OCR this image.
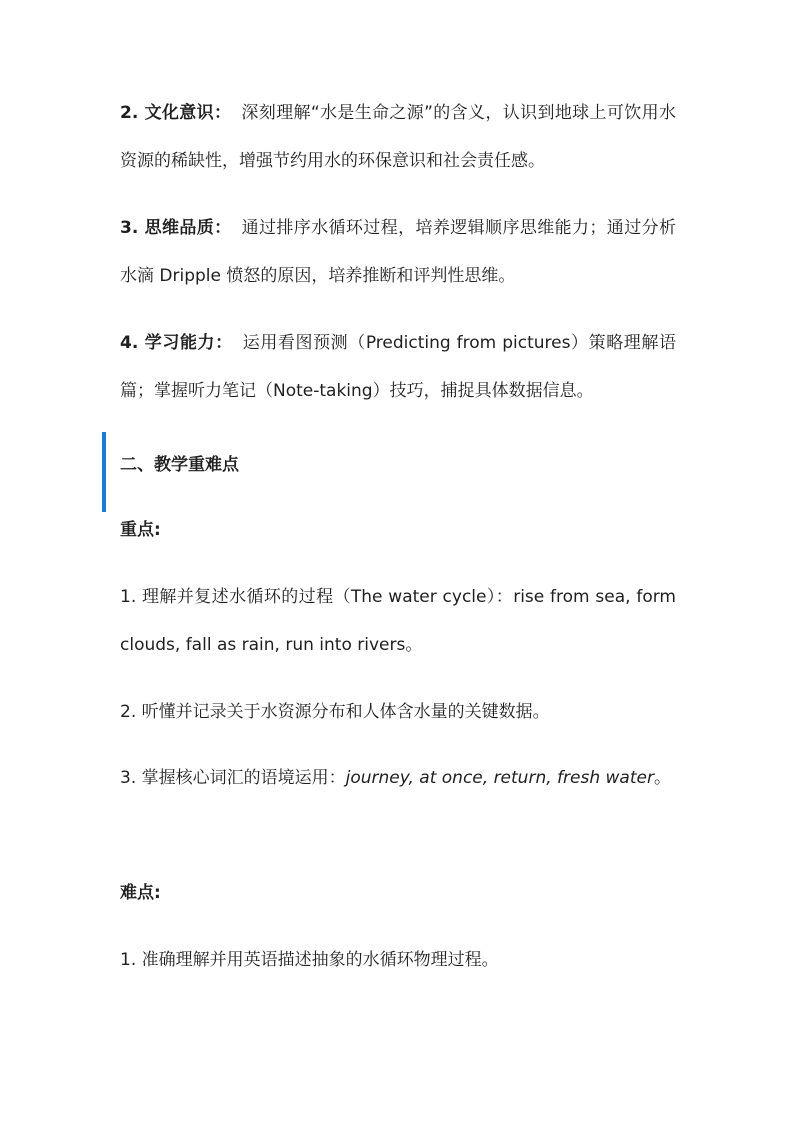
2. 文化意识： 深刻理解“水是生命之源”的含义，认识到地球上可饮用水资源的稀缺性，增强节约用水的环保意识和社会责任感。
3. 思维品质： 通过排序水循环过程，培养逻辑顺序思维能力；通过分析水滴 Dripple 愤怒的原因，培养推断和评判性思维。
4. 学习能力： 运用看图预测（Predicting from pictures）策略理解语篇；掌握听力笔记（Note-taking）技巧，捕捉具体数据信息。
二、教学重难点
重点:
1. 理解并复述水循环的过程（The water cycle）：rise from sea, form clouds, fall as rain, run into rivers。
2. 听懂并记录关于水资源分布和人体含水量的关键数据。
3. 掌握核心词汇的语境运用：journey, at once, return, fresh water。
难点:
1. 准确理解并用英语描述抽象的水循环物理过程。
